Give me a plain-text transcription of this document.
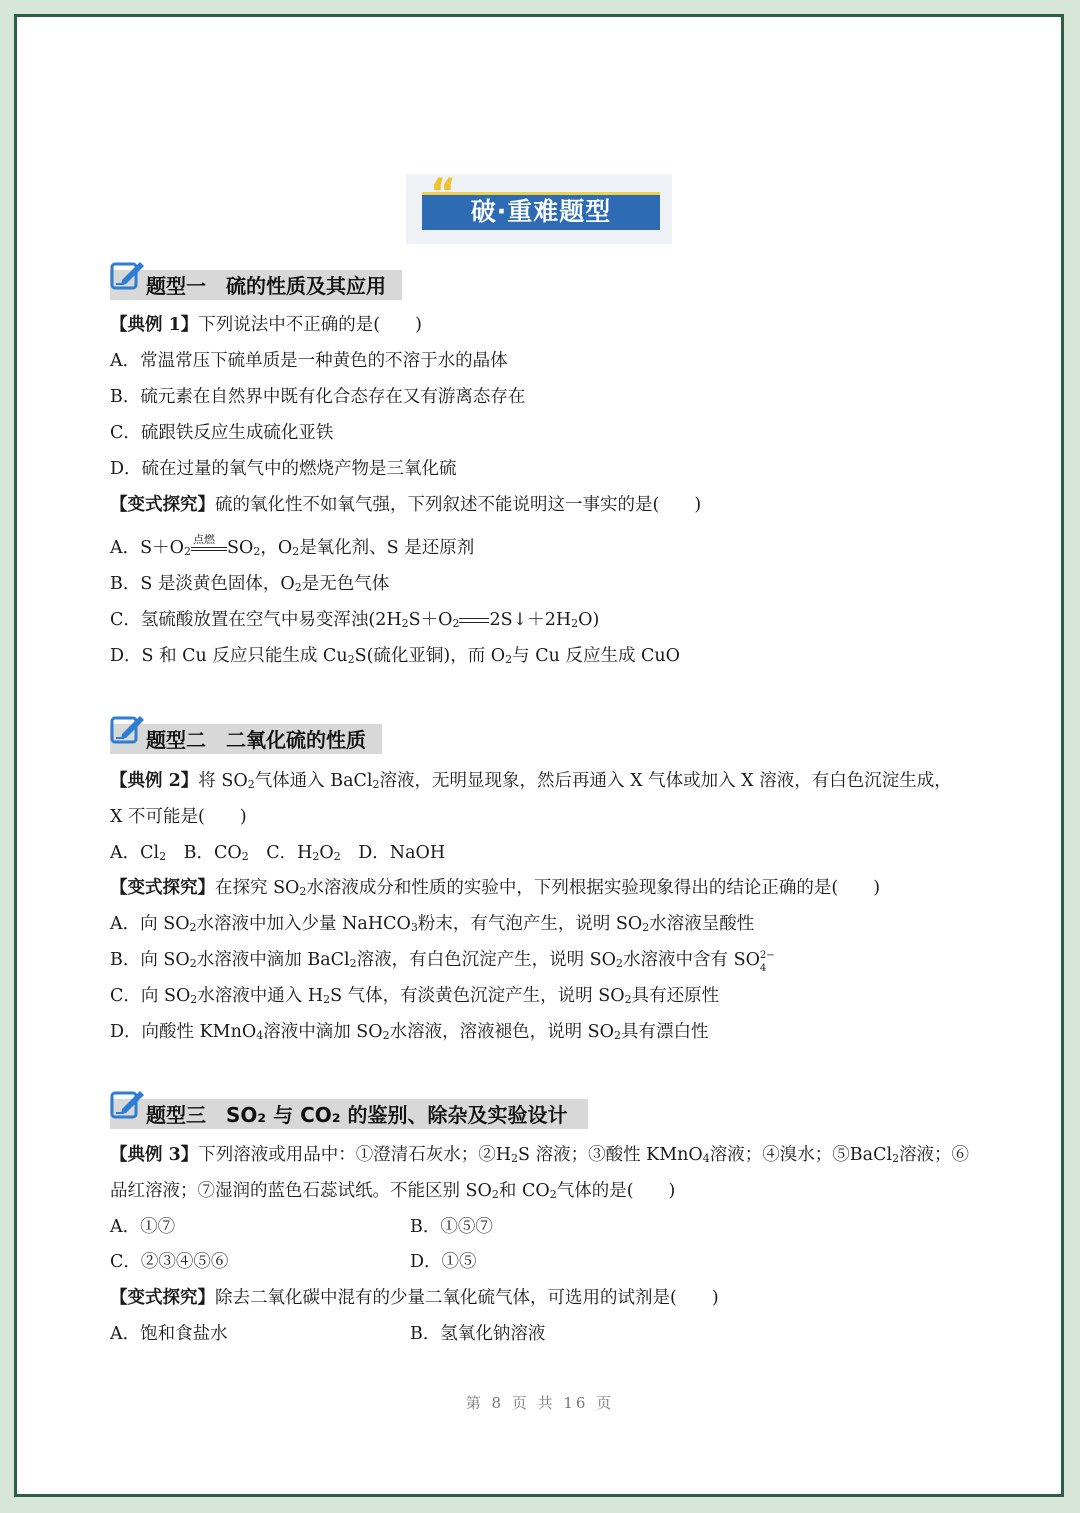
“ 破·重难题型
题型一　硫的性质及其应用
【典例 1】下列说法中不正确的是(　　)
A．常温常压下硫单质是一种黄色的不溶于水的晶体
B．硫元素在自然界中既有化合态存在又有游离态存在
C．硫跟铁反应生成硫化亚铁
D．硫在过量的氧气中的燃烧产物是三氧化硫
【变式探究】硫的氧化性不如氧气强，下列叙述不能说明这一事实的是(　　)
A．S＋O2
点燃 SO2，O2是氧化剂、S 是还原剂
B．S 是淡黄色固体，O2是无色气体
C．氢硫酸放置在空气中易变浑浊(2H2S＋O2 2S↓＋2H2O)
D．S 和 Cu 反应只能生成 Cu2S(硫化亚铜)，而 O2与 Cu 反应生成 CuO
题型二　二氧化硫的性质
【典例 2】将 SO2气体通入 BaCl2溶液，无明显现象，然后再通入 X 气体或加入 X 溶液，有白色沉淀生成，
X 不可能是(　　)
A．Cl2　B．CO2　C．H2O2　D．NaOH
【变式探究】在探究 SO2水溶液成分和性质的实验中，下列根据实验现象得出的结论正确的是(　　)
A．向 SO2水溶液中加入少量 NaHCO3粉末，有气泡产生，说明 SO2水溶液呈酸性
B．向 SO2水溶液中滴加 BaCl2溶液，有白色沉淀产生，说明 SO2水溶液中含有 SO 2−
4
C．向 SO2水溶液中通入 H2S 气体，有淡黄色沉淀产生，说明 SO2具有还原性
D．向酸性 KMnO4溶液中滴加 SO2水溶液，溶液褪色，说明 SO2具有漂白性
题型三　SO₂ 与 CO₂ 的鉴别、除杂及实验设计
【典例 3】下列溶液或用品中：①澄清石灰水；②H2S 溶液；③酸性 KMnO4溶液；④溴水；⑤BaCl2溶液；⑥
品红溶液；⑦湿润的蓝色石蕊试纸。不能区别 SO2和 CO2气体的是(　　)
A．①⑦	B．①⑤⑦
C．②③④⑤⑥	D．①⑤
【变式探究】除去二氧化碳中混有的少量二氧化硫气体，可选用的试剂是(　　)
A．饱和食盐水	B．氢氧化钠溶液
第 8 页 共 16 页
